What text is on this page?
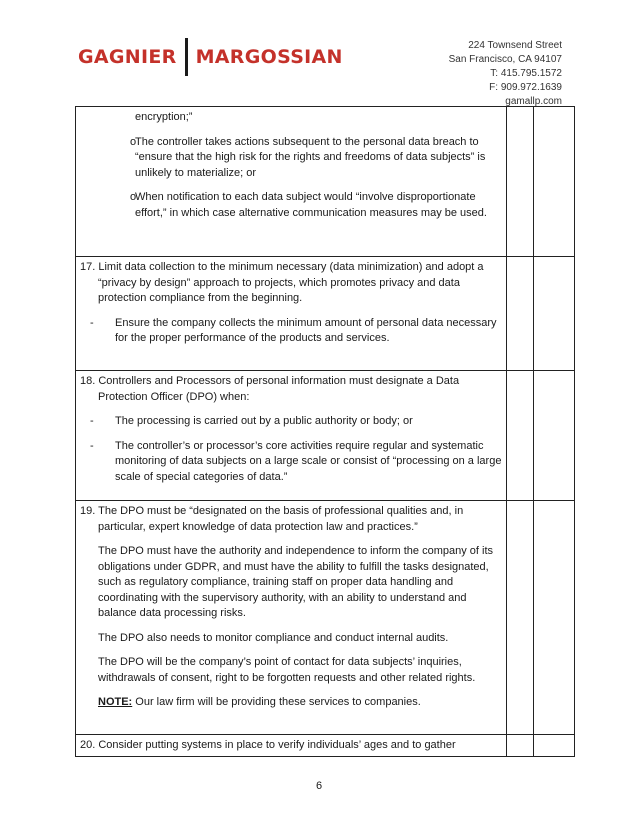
GAGNIER MARGOSSIAN
224 Townsend Street
San Francisco, CA 94107
T: 415.795.1572
F: 909.972.1639
gamallp.com
encryption;”
o
The controller takes actions subsequent to the personal data breach to “ensure that the high risk for the rights and freedoms of data subjects” is unlikely to materialize; or
o
When notification to each data subject would “involve disproportionate effort,” in which case alternative communication measures may be used.		

17. Limit data collection to the minimum necessary (data minimization) and adopt a “privacy by design” approach to projects, which promotes privacy and data protection compliance from the beginning.

- Ensure the company collects the minimum amount of personal data necessary for the proper performance of the products and services.		

18. Controllers and Processors of personal information must designate a Data Protection Officer (DPO) when:

- The processing is carried out by a public authority or body; or
- The controller’s or processor’s core activities require regular and systematic monitoring of data subjects on a large scale or consist of “processing on a large scale of special categories of data.”		

19. The DPO must be “designated on the basis of professional qualities and, in particular, expert knowledge of data protection law and practices.”

The DPO must have the authority and independence to inform the company of its obligations under GDPR, and must have the ability to fulfill the tasks designated, such as regulatory compliance, training staff on proper data handling and coordinating with the supervisory authority, with an ability to understand and balance data processing risks.

The DPO also needs to monitor compliance and conduct internal audits.

The DPO will be the company’s point of contact for data subjects’ inquiries, withdrawals of consent, right to be forgotten requests and other related rights.

NOTE: Our law firm will be providing these services to companies.		

20. Consider putting systems in place to verify individuals’ ages and to gather		

6
